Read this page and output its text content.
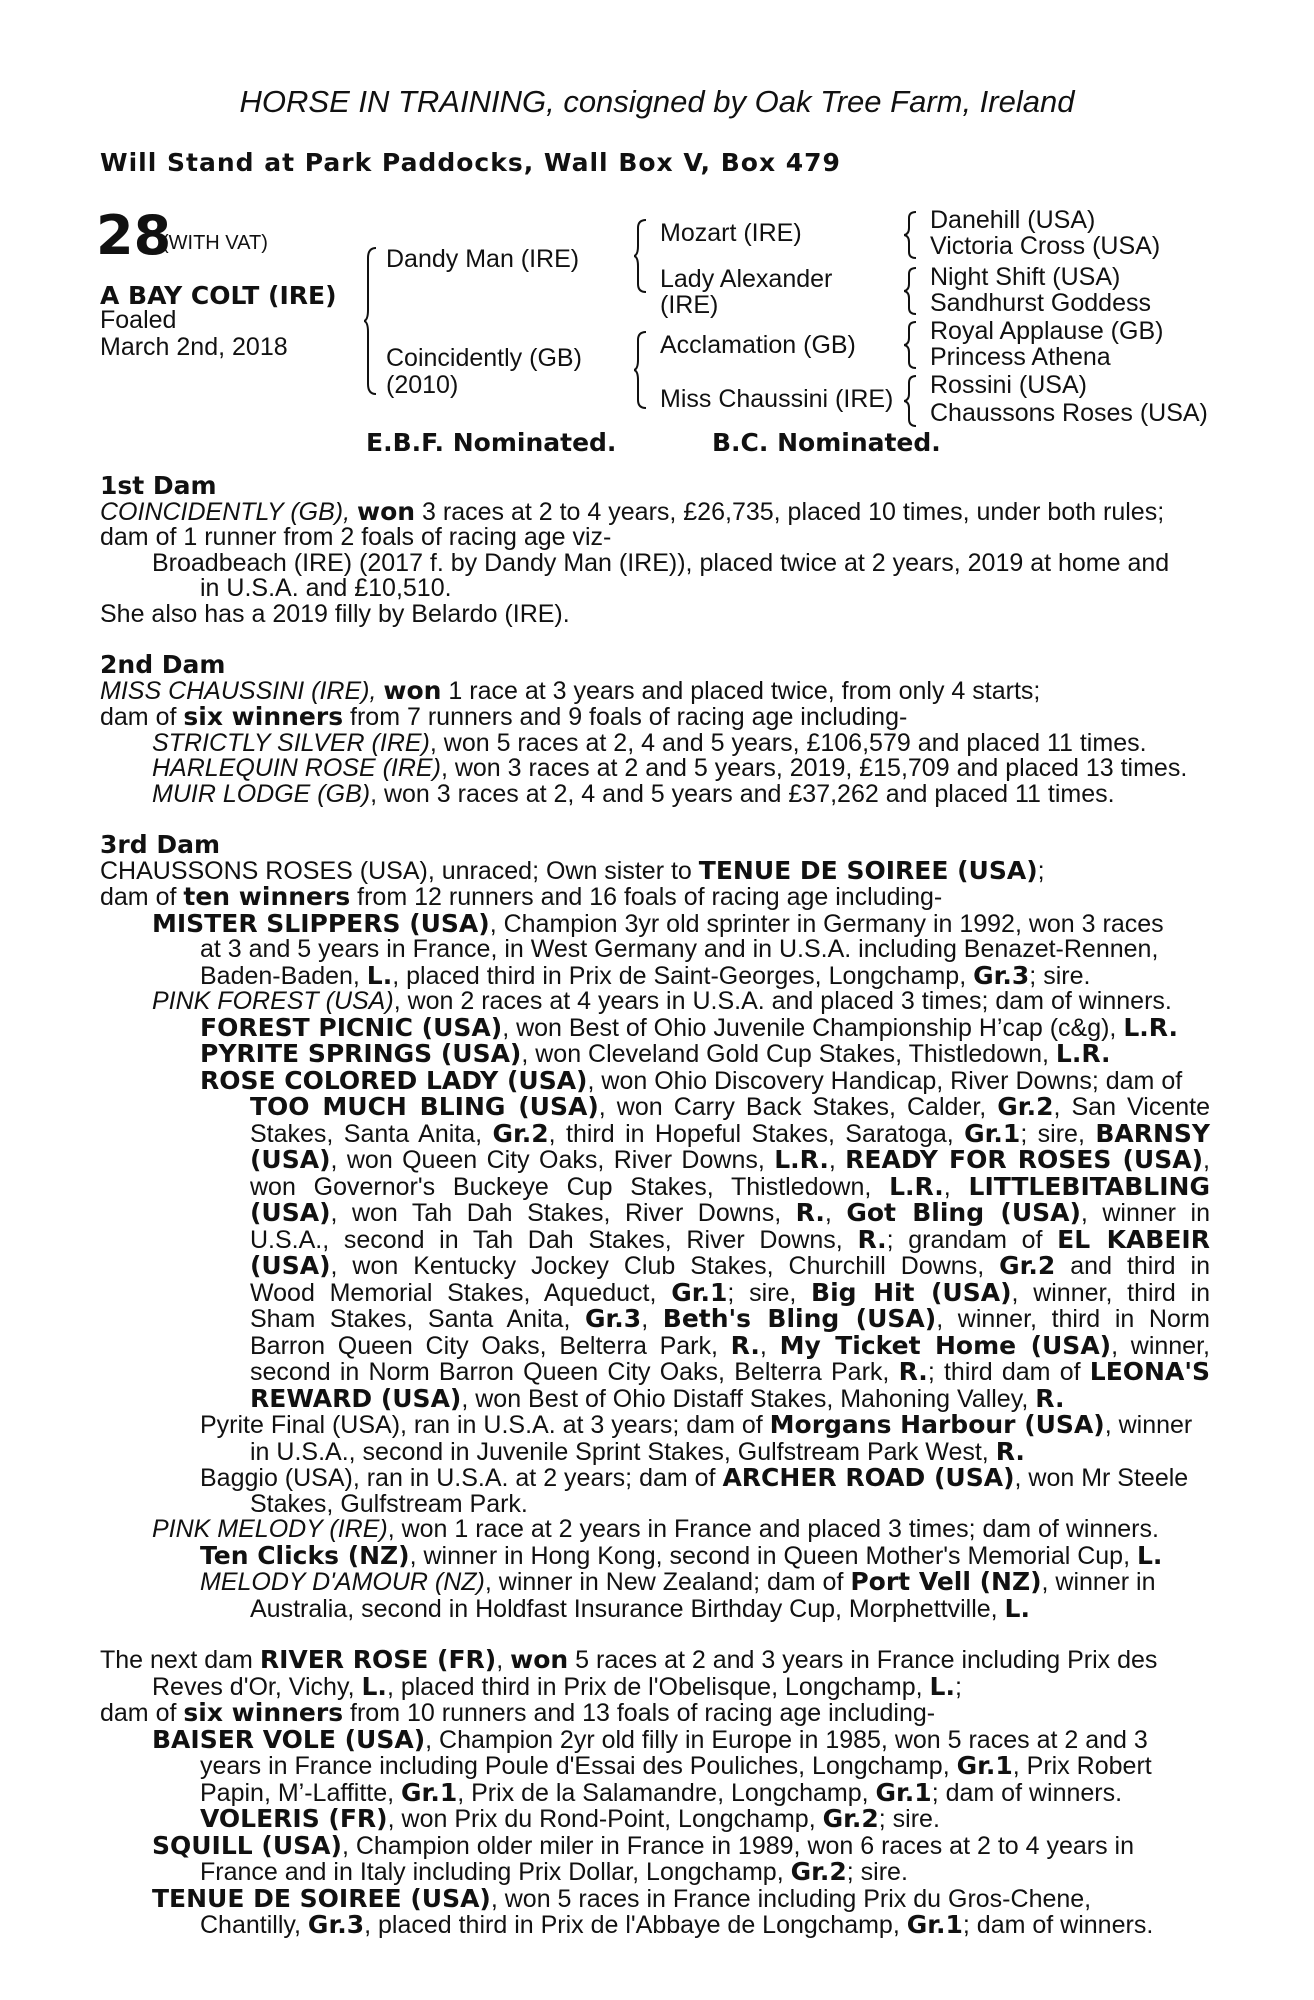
HORSE IN TRAINING, consigned by Oak Tree Farm, Ireland
Will Stand at Park Paddocks, Wall Box V, Box 479
28
(WITH VAT)
A BAY COLT (IRE)
Foaled
March 2nd, 2018
Dandy Man (IRE)
Coincidently (GB)
(2010)
Mozart (IRE)
Lady Alexander
(IRE)
Acclamation (GB)
Miss Chaussini (IRE)
Danehill (USA)
Victoria Cross (USA)
Night Shift (USA)
Sandhurst Goddess
Royal Applause (GB)
Princess Athena
Rossini (USA)
Chaussons Roses (USA)
E.B.F. Nominated.	B.C. Nominated.
1st Dam
COINCIDENTLY (GB), won 3 races at 2 to 4 years, £26,735, placed 10 times, under both rules;
dam of 1 runner from 2 foals of racing age viz-
Broadbeach (IRE) (2017 f. by Dandy Man (IRE)), placed twice at 2 years, 2019 at home and
in U.S.A. and £10,510.
She also has a 2019 filly by Belardo (IRE).
2nd Dam
MISS CHAUSSINI (IRE), won 1 race at 3 years and placed twice, from only 4 starts;
dam of six winners from 7 runners and 9 foals of racing age including-
STRICTLY SILVER (IRE), won 5 races at 2, 4 and 5 years, £106,579 and placed 11 times.
HARLEQUIN ROSE (IRE), won 3 races at 2 and 5 years, 2019, £15,709 and placed 13 times.
MUIR LODGE (GB), won 3 races at 2, 4 and 5 years and £37,262 and placed 11 times.
3rd Dam
CHAUSSONS ROSES (USA), unraced; Own sister to TENUE DE SOIREE (USA);
dam of ten winners from 12 runners and 16 foals of racing age including-
MISTER SLIPPERS (USA), Champion 3yr old sprinter in Germany in 1992, won 3 races
at 3 and 5 years in France, in West Germany and in U.S.A. including Benazet-Rennen,
Baden-Baden, L., placed third in Prix de Saint-Georges, Longchamp, Gr.3; sire.
PINK FOREST (USA), won 2 races at 4 years in U.S.A. and placed 3 times; dam of winners.
FOREST PICNIC (USA), won Best of Ohio Juvenile Championship H’cap (c&g), L.R.
PYRITE SPRINGS (USA), won Cleveland Gold Cup Stakes, Thistledown, L.R.
ROSE COLORED LADY (USA), won Ohio Discovery Handicap, River Downs; dam of
TOO MUCH BLING (USA), won Carry Back Stakes, Calder, Gr.2, San Vicente
Stakes, Santa Anita, Gr.2, third in Hopeful Stakes, Saratoga, Gr.1; sire, BARNSY
(USA), won Queen City Oaks, River Downs, L.R., READY FOR ROSES (USA),
won Governor's Buckeye Cup Stakes, Thistledown, L.R., LITTLEBITABLING
(USA), won Tah Dah Stakes, River Downs, R., Got Bling (USA), winner in
U.S.A., second in Tah Dah Stakes, River Downs, R.; grandam of EL KABEIR
(USA), won Kentucky Jockey Club Stakes, Churchill Downs, Gr.2 and third in
Wood Memorial Stakes, Aqueduct, Gr.1; sire, Big Hit (USA), winner, third in
Sham Stakes, Santa Anita, Gr.3, Beth's Bling (USA), winner, third in Norm
Barron Queen City Oaks, Belterra Park, R., My Ticket Home (USA), winner,
second in Norm Barron Queen City Oaks, Belterra Park, R.; third dam of LEONA'S
REWARD (USA), won Best of Ohio Distaff Stakes, Mahoning Valley, R.
Pyrite Final (USA), ran in U.S.A. at 3 years; dam of Morgans Harbour (USA), winner
in U.S.A., second in Juvenile Sprint Stakes, Gulfstream Park West, R.
Baggio (USA), ran in U.S.A. at 2 years; dam of ARCHER ROAD (USA), won Mr Steele
Stakes, Gulfstream Park.
PINK MELODY (IRE), won 1 race at 2 years in France and placed 3 times; dam of winners.
Ten Clicks (NZ), winner in Hong Kong, second in Queen Mother's Memorial Cup, L.
MELODY D'AMOUR (NZ), winner in New Zealand; dam of Port Vell (NZ), winner in
Australia, second in Holdfast Insurance Birthday Cup, Morphettville, L.
The next dam RIVER ROSE (FR), won 5 races at 2 and 3 years in France including Prix des
Reves d'Or, Vichy, L., placed third in Prix de l'Obelisque, Longchamp, L.;
dam of six winners from 10 runners and 13 foals of racing age including-
BAISER VOLE (USA), Champion 2yr old filly in Europe in 1985, won 5 races at 2 and 3
years in France including Poule d'Essai des Pouliches, Longchamp, Gr.1, Prix Robert
Papin, M’-Laffitte, Gr.1, Prix de la Salamandre, Longchamp, Gr.1; dam of winners.
VOLERIS (FR), won Prix du Rond-Point, Longchamp, Gr.2; sire.
SQUILL (USA), Champion older miler in France in 1989, won 6 races at 2 to 4 years in
France and in Italy including Prix Dollar, Longchamp, Gr.2; sire.
TENUE DE SOIREE (USA), won 5 races in France including Prix du Gros-Chene,
Chantilly, Gr.3, placed third in Prix de l'Abbaye de Longchamp, Gr.1; dam of winners.
